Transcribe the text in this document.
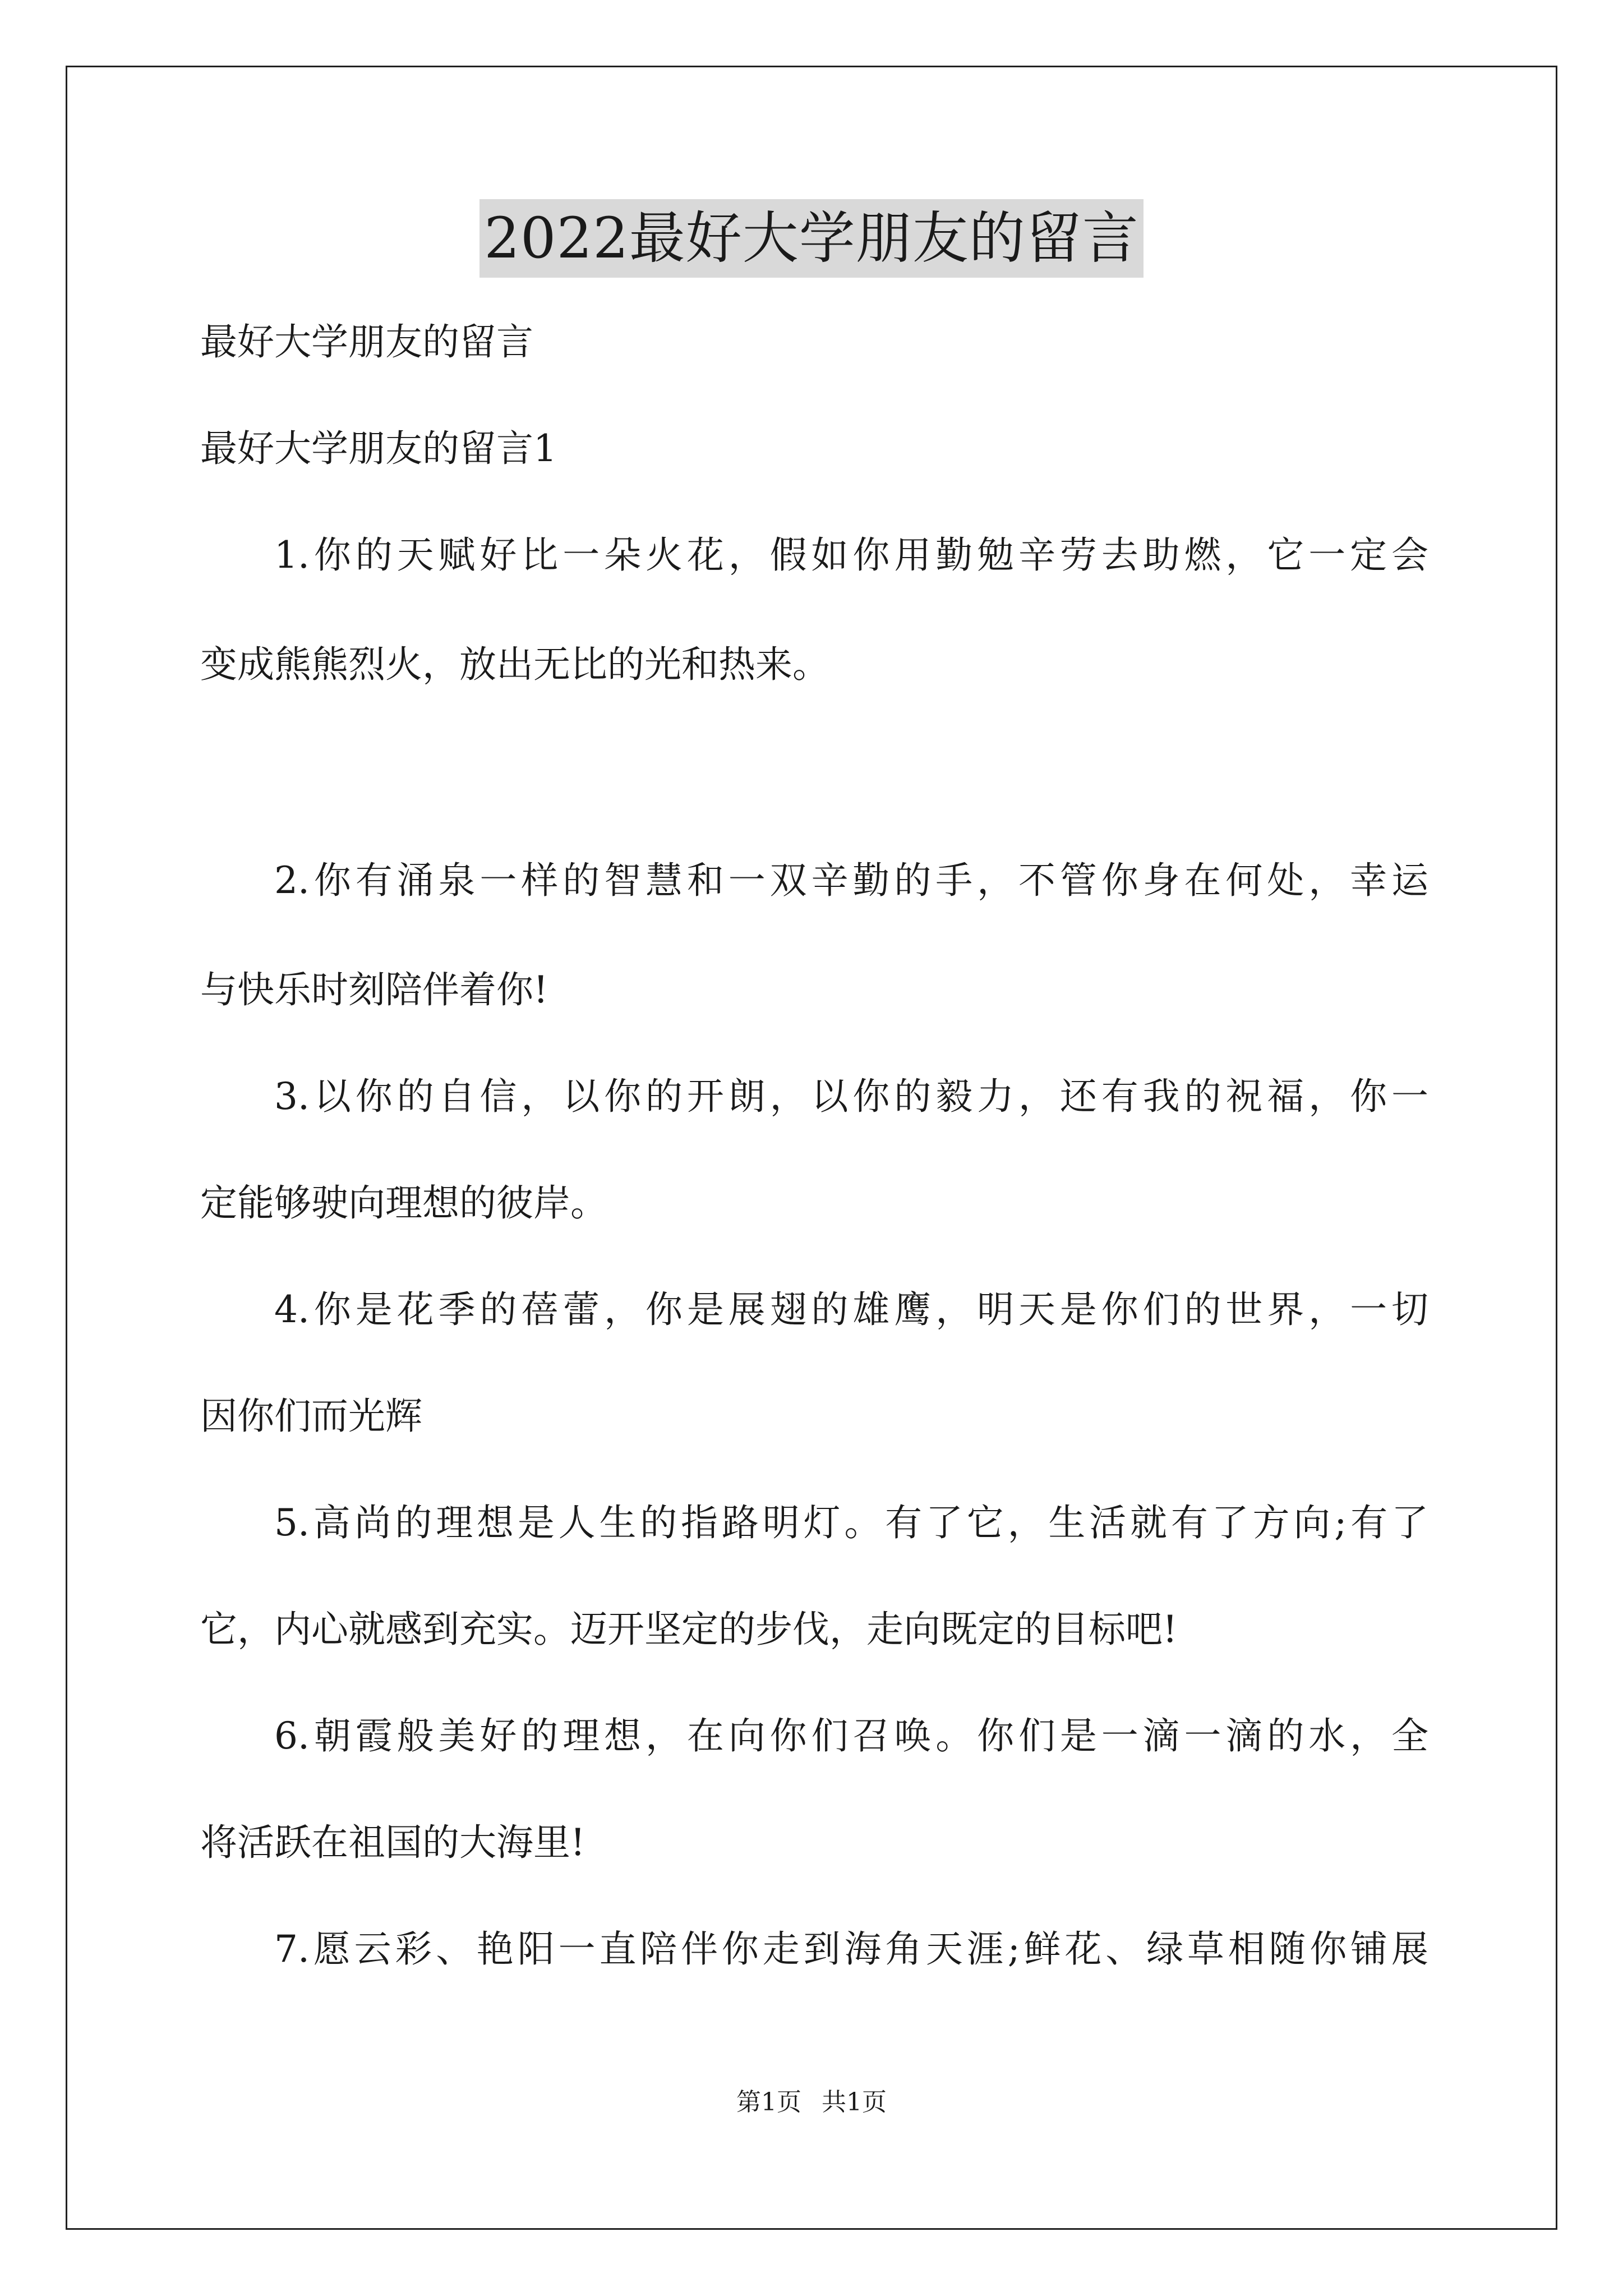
2022最好大学朋友的留言
最好大学朋友的留言
最好大学朋友的留言1
1.你的天赋好比一朵火花，假如你用勤勉辛劳去助燃，它一定会
变成熊熊烈火，放出无比的光和热来。
2.你有涌泉一样的智慧和一双辛勤的手，不管你身在何处，幸运
与快乐时刻陪伴着你!
3.以你的自信，以你的开朗，以你的毅力，还有我的祝福，你一
定能够驶向理想的彼岸。
4.你是花季的蓓蕾，你是展翅的雄鹰，明天是你们的世界，一切
因你们而光辉
5.高尚的理想是人生的指路明灯。有了它，生活就有了方向;有了
它，内心就感到充实。迈开坚定的步伐，走向既定的目标吧!
6.朝霞般美好的理想，在向你们召唤。你们是一滴一滴的水，全
将活跃在祖国的大海里!
7.愿云彩、艳阳一直陪伴你走到海角天涯;鲜花、绿草相随你铺展
第1页 共1页
